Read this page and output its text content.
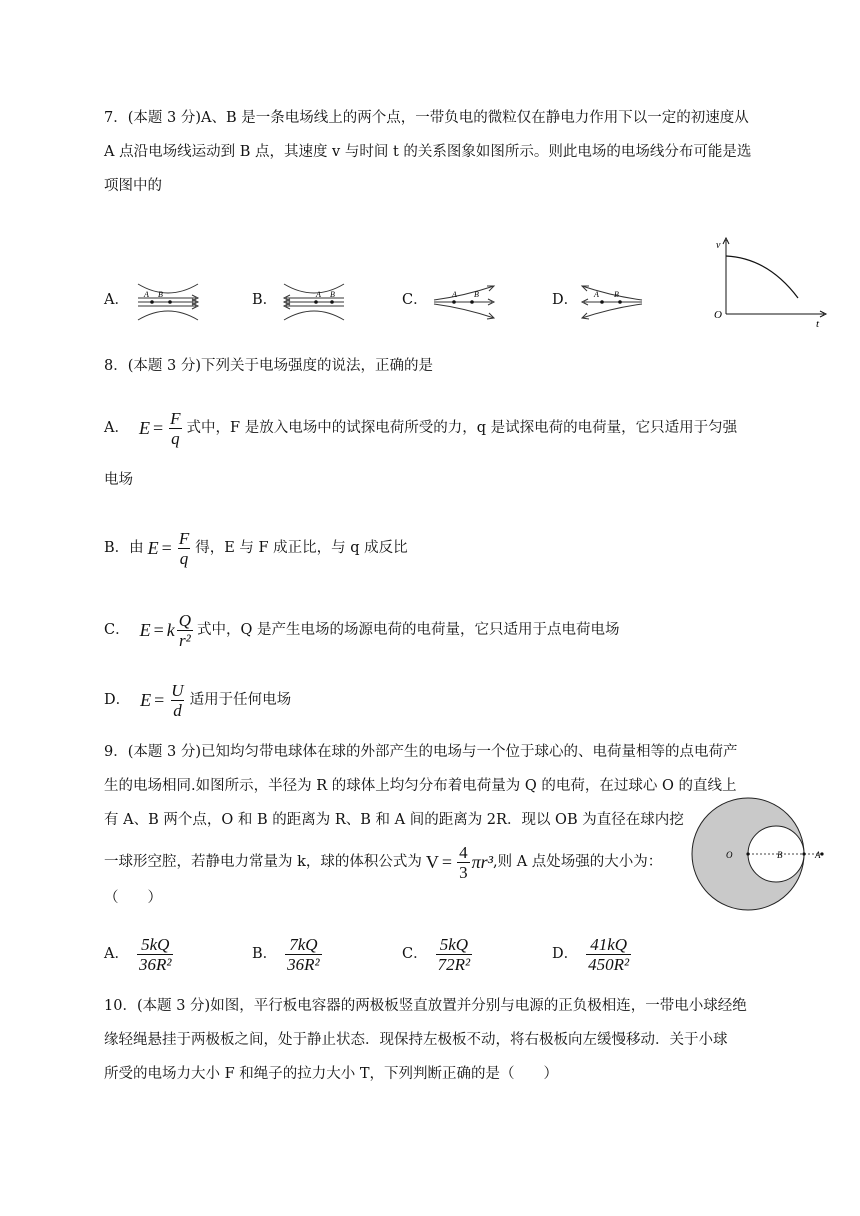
7．(本题 3 分)A、B 是一条电场线上的两个点，一带负电的微粒仅在静电力作用下以一定的初速度从
A 点沿电场线运动到 B 点，其速度 v 与时间 t 的关系图象如图所示。则此电场的电场线分布可能是选
项图中的
A． A B	B．	A B	C．	A B	D． A B
v
t
O
8．(本题 3 分)下列关于电场强度的说法，正确的是
A． $E = \frac{F}{q}$ 式中，F 是放入电场中的试探电荷所受的力，q 是试探电荷的电荷量，它只适用于匀强
电场
B．由 $E = \frac{F}{q}$ 得，E 与 F 成正比，与 q 成反比
C． E = k $\frac{Q}{\text{r²}}$ 式中，Q 是产生电场的场源电荷的电荷量，它只适用于点电荷电场
D． $E = \frac{U}{d}$ 适用于任何电场
9．(本题 3 分)已知均匀带电球体在球的外部产生的电场与一个位于球心的、电荷量相等的点电荷产
生的电场相同.如图所示，半径为 R 的球体上均匀分布着电荷量为 Q 的电荷，在过球心 O 的直线上
有 A、B 两个点，O 和 B 的距离为 R、B 和 A 间的距离为 2R．现以 OB 为直径在球内挖
一球形空腔，若静电力常量为 k，球的体积公式为 $V = \frac{4}{3} \pi r^3$ ,则 A 点处场强的大小为：
（　　）
O	B	A
A． $\frac{5kQ}{\text{36R²}}$	B． $\frac{7kQ}{\text{36R²}}$	C． $\frac{5kQ}{\text{72R²}}$	D． $\frac{41kQ}{\text{450R²}}$
10．(本题 3 分)如图，平行板电容器的两极板竖直放置并分别与电源的正负极相连，一带电小球经绝
缘轻绳悬挂于两极板之间，处于静止状态．现保持左极板不动，将右极板向左缓慢移动．关于小球
所受的电场力大小 F 和绳子的拉力大小 T，下列判断正确的是（　　）
